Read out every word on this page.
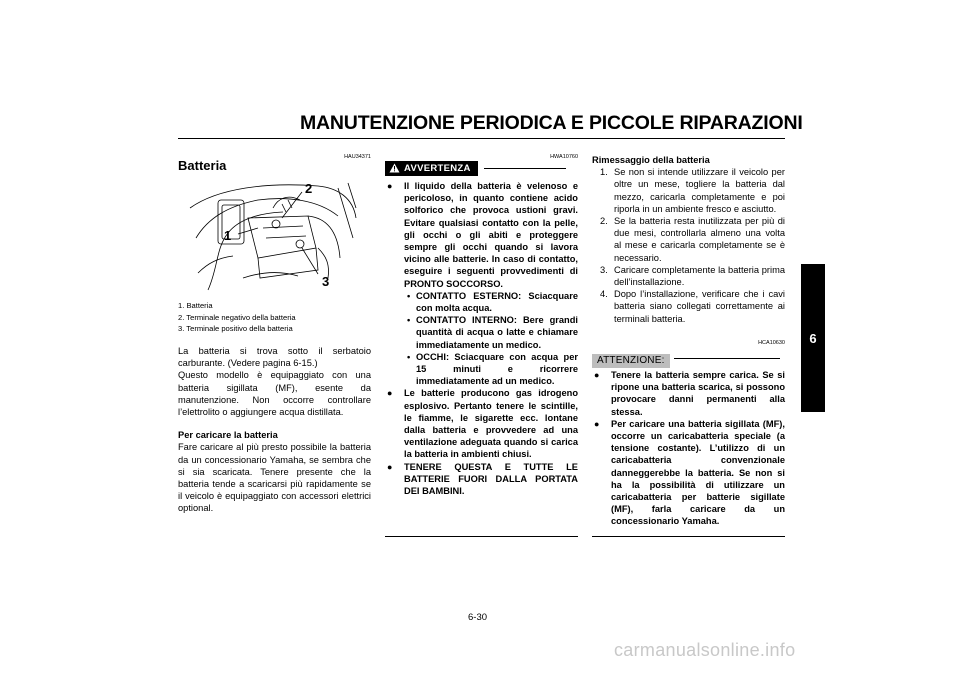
MANUTENZIONE PERIODICA E PICCOLE RIPARAZIONI
6
HAU34371
Batteria
2
1
3
1. Batteria
2. Terminale negativo della batteria
3. Terminale positivo della batteria

La batteria si trova sotto il serbatoio carburante. (Vedere pagina 6-15.)

Questo modello è equipaggiato con una batteria sigillata (MF), esente da manutenzione. Non occorre controllare l’elettrolito o aggiungere acqua distillata.

Per caricare la batteria

Fare caricare al più presto possibile la batteria da un concessionario Yamaha, se sembra che si sia scaricata. Tenere presente che la batteria tende a scaricarsi più rapidamente se il veicolo è equipaggiato con accessori elettrici optional.

AVVERTENZA
HWA10760
● Il liquido della batteria è velenoso e pericoloso, in quanto contiene acido solforico che provoca ustioni gravi. Evitare qualsiasi contatto con la pelle, gli occhi o gli abiti e proteggere sempre gli occhi quando si lavora vicino alle batterie. In caso di contatto, eseguire i seguenti provvedimenti di PRONTO SOCCORSO.
• CONTATTO ESTERNO: Sciacquare con molta acqua.
• CONTATTO INTERNO: Bere grandi quantità di acqua o latte e chiamare immediatamente un medico.
• OCCHI: Sciacquare con acqua per 15 minuti e ricorrere immediatamente ad un medico.
● Le batterie producono gas idrogeno esplosivo. Pertanto tenere le scintille, le fiamme, le sigarette ecc. lontane dalla batteria e provvedere ad una ventilazione adeguata quando si carica la batteria in ambienti chiusi.
● TENERE QUESTA E TUTTE LE BATTERIE FUORI DALLA PORTATA DEI BAMBINI.

Rimessaggio della batteria

1. Se non si intende utilizzare il veicolo per oltre un mese, togliere la batteria dal mezzo, caricarla completamente e poi riporla in un ambiente fresco e asciutto.
2. Se la batteria resta inutilizzata per più di due mesi, controllarla almeno una volta al mese e caricarla completamente se è necessario.
3. Caricare completamente la batteria prima dell’installazione.
4. Dopo l’installazione, verificare che i cavi batteria siano collegati correttamente ai terminali batteria.
HCA10630
ATTENZIONE:
● Tenere la batteria sempre carica. Se si ripone una batteria scarica, si possono provocare danni permanenti alla stessa.
● Per caricare una batteria sigillata (MF), occorre un caricabatteria speciale (a tensione costante). L’utilizzo di un caricabatteria convenzionale danneggerebbe la batteria. Se non si ha la possibilità di utilizzare un caricabatteria per batterie sigillate (MF), farla caricare da un concessionario Yamaha.
6-30
carmanualsonline.info
